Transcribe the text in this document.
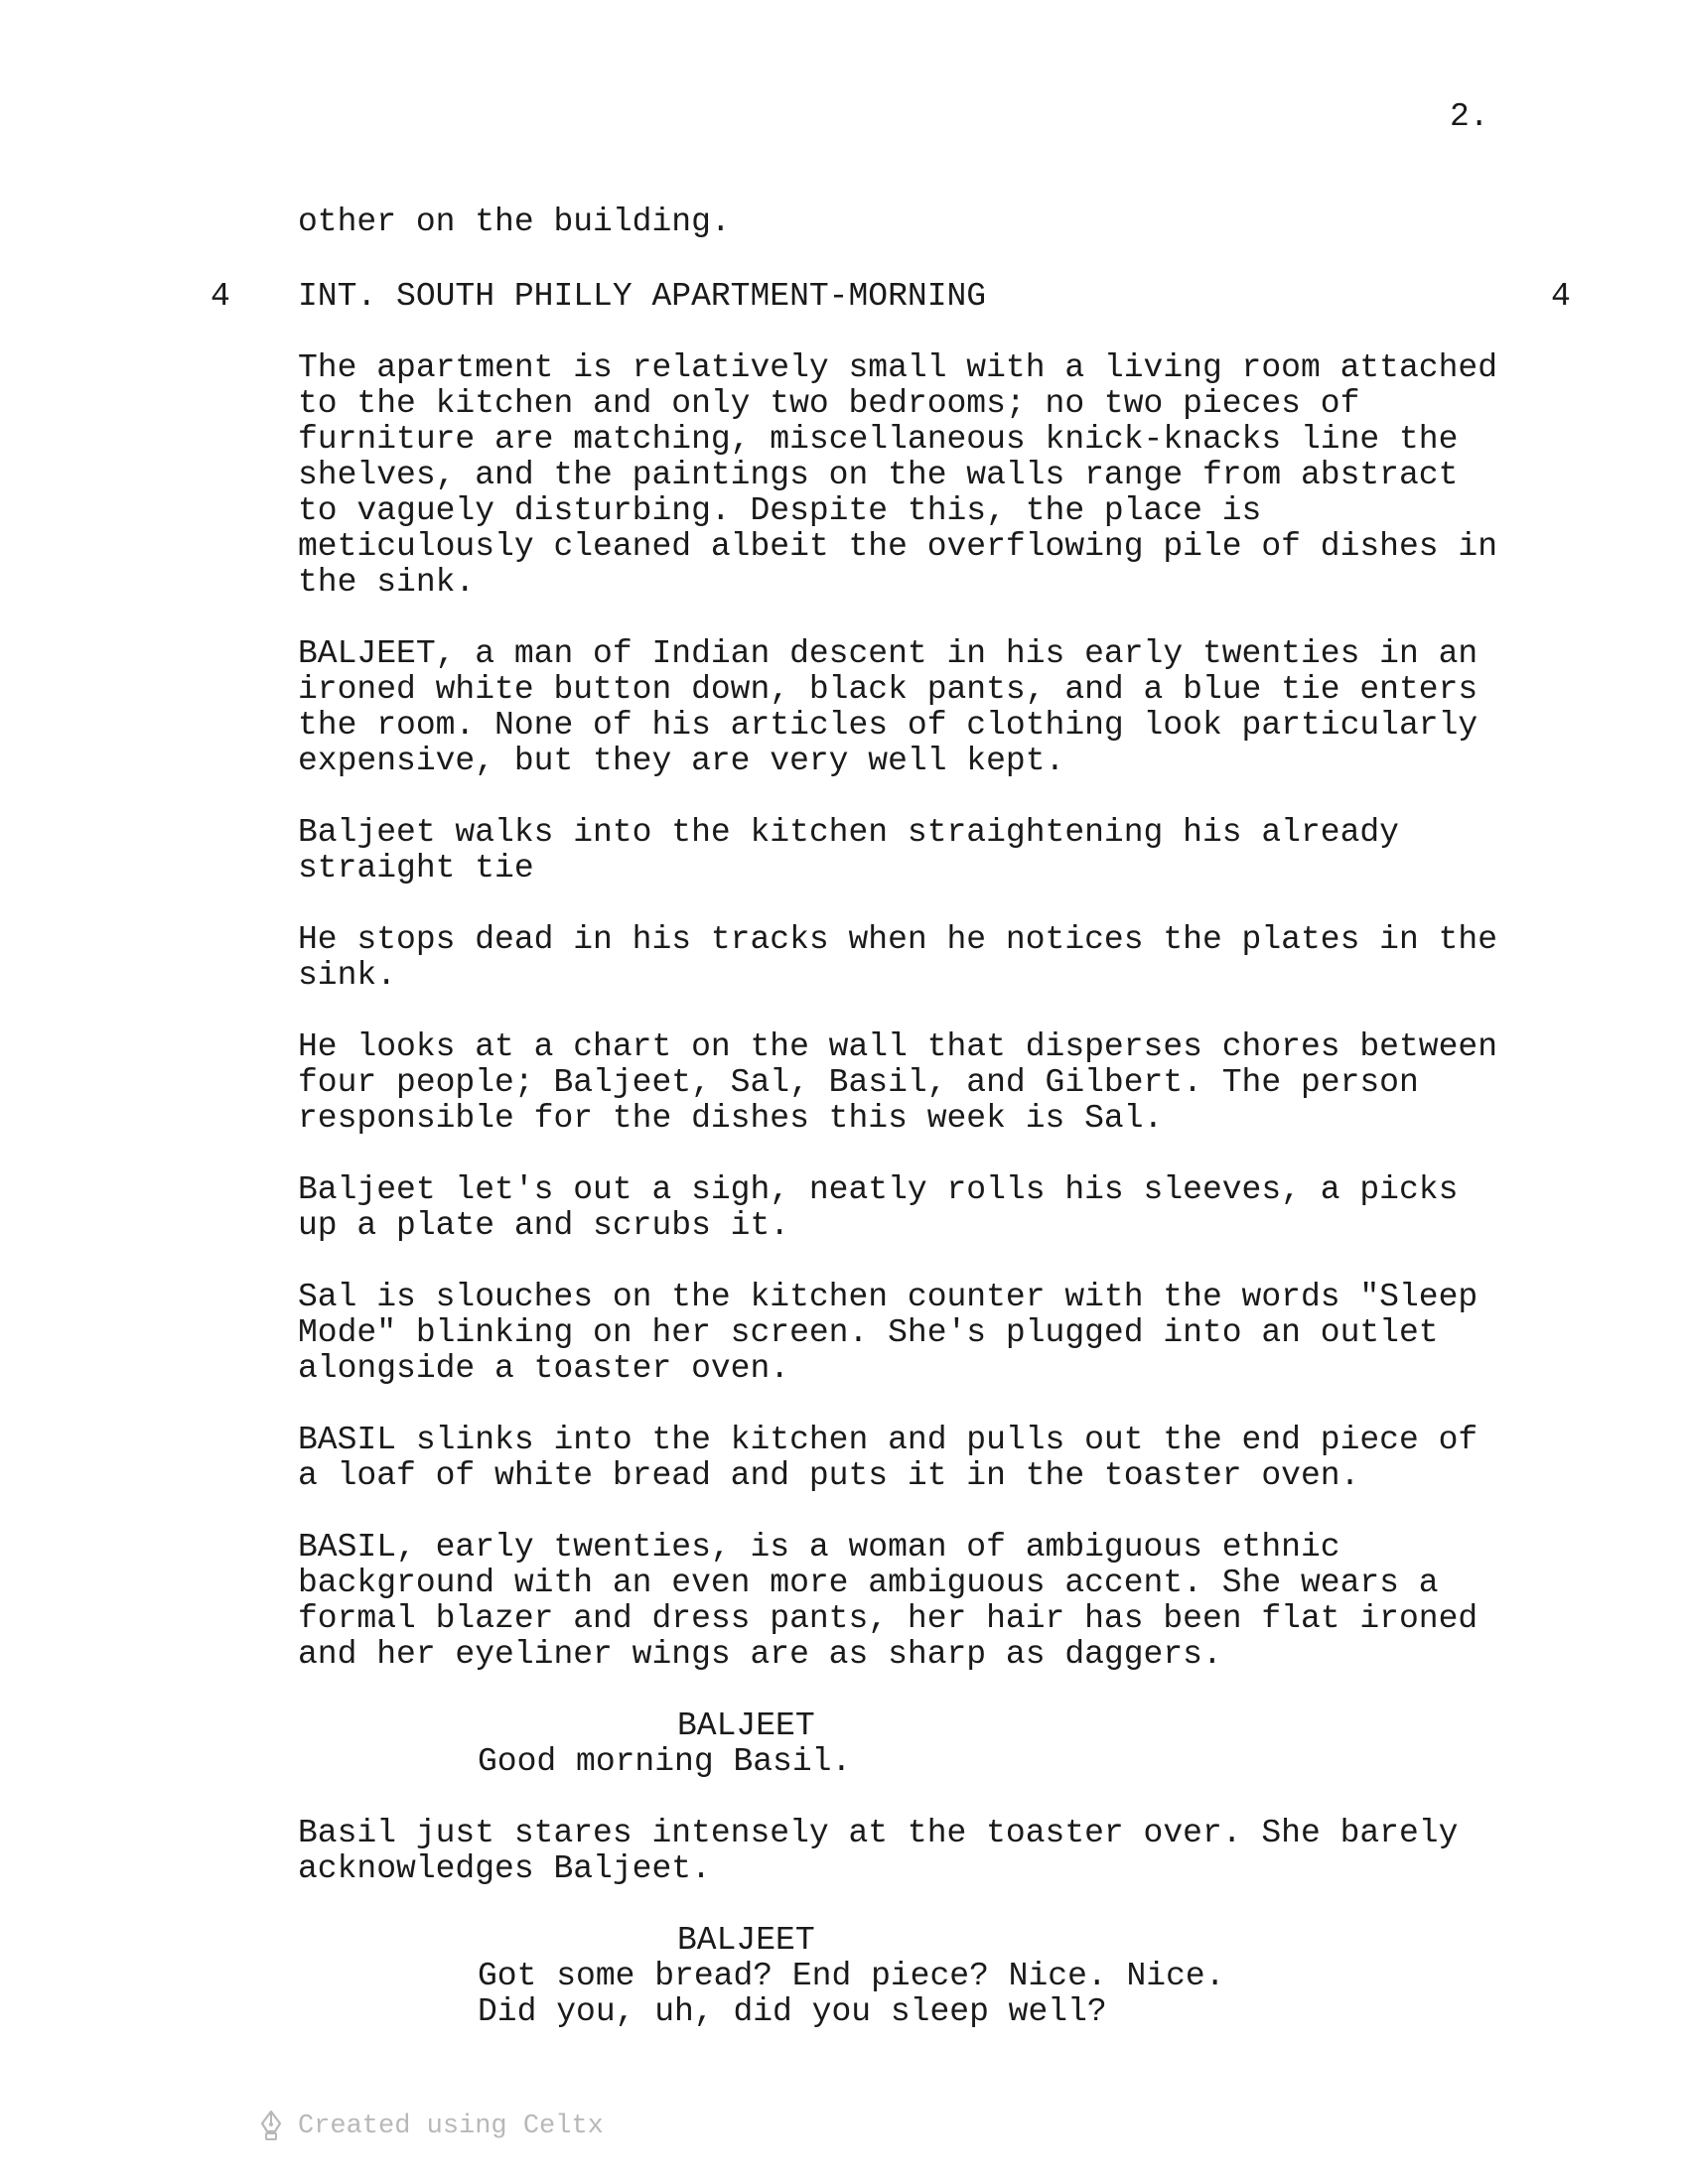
2.

other on the building.

4 INT. SOUTH PHILLY APARTMENT-MORNING	4

The apartment is relatively small with a living room attached
to the kitchen and only two bedrooms; no two pieces of
furniture are matching, miscellaneous knick-knacks line the
shelves, and the paintings on the walls range from abstract
to vaguely disturbing. Despite this, the place is
meticulously cleaned albeit the overflowing pile of dishes in
the sink.

BALJEET, a man of Indian descent in his early twenties in an
ironed white button down, black pants, and a blue tie enters
the room. None of his articles of clothing look particularly
expensive, but they are very well kept.

Baljeet walks into the kitchen straightening his already
straight tie

He stops dead in his tracks when he notices the plates in the
sink.

He looks at a chart on the wall that disperses chores between
four people; Baljeet, Sal, Basil, and Gilbert. The person
responsible for the dishes this week is Sal.

Baljeet let's out a sigh, neatly rolls his sleeves, a picks
up a plate and scrubs it.

Sal is slouches on the kitchen counter with the words "Sleep
Mode" blinking on her screen. She's plugged into an outlet
alongside a toaster oven.

BASIL slinks into the kitchen and pulls out the end piece of
a loaf of white bread and puts it in the toaster oven.

BASIL, early twenties, is a woman of ambiguous ethnic
background with an even more ambiguous accent. She wears a
formal blazer and dress pants, her hair has been flat ironed
and her eyeliner wings are as sharp as daggers.

BALJEET

Good morning Basil.

Basil just stares intensely at the toaster over. She barely
acknowledges Baljeet.

BALJEET

Got some bread? End piece? Nice. Nice.
Did you, uh, did you sleep well?

Created using Celtx
